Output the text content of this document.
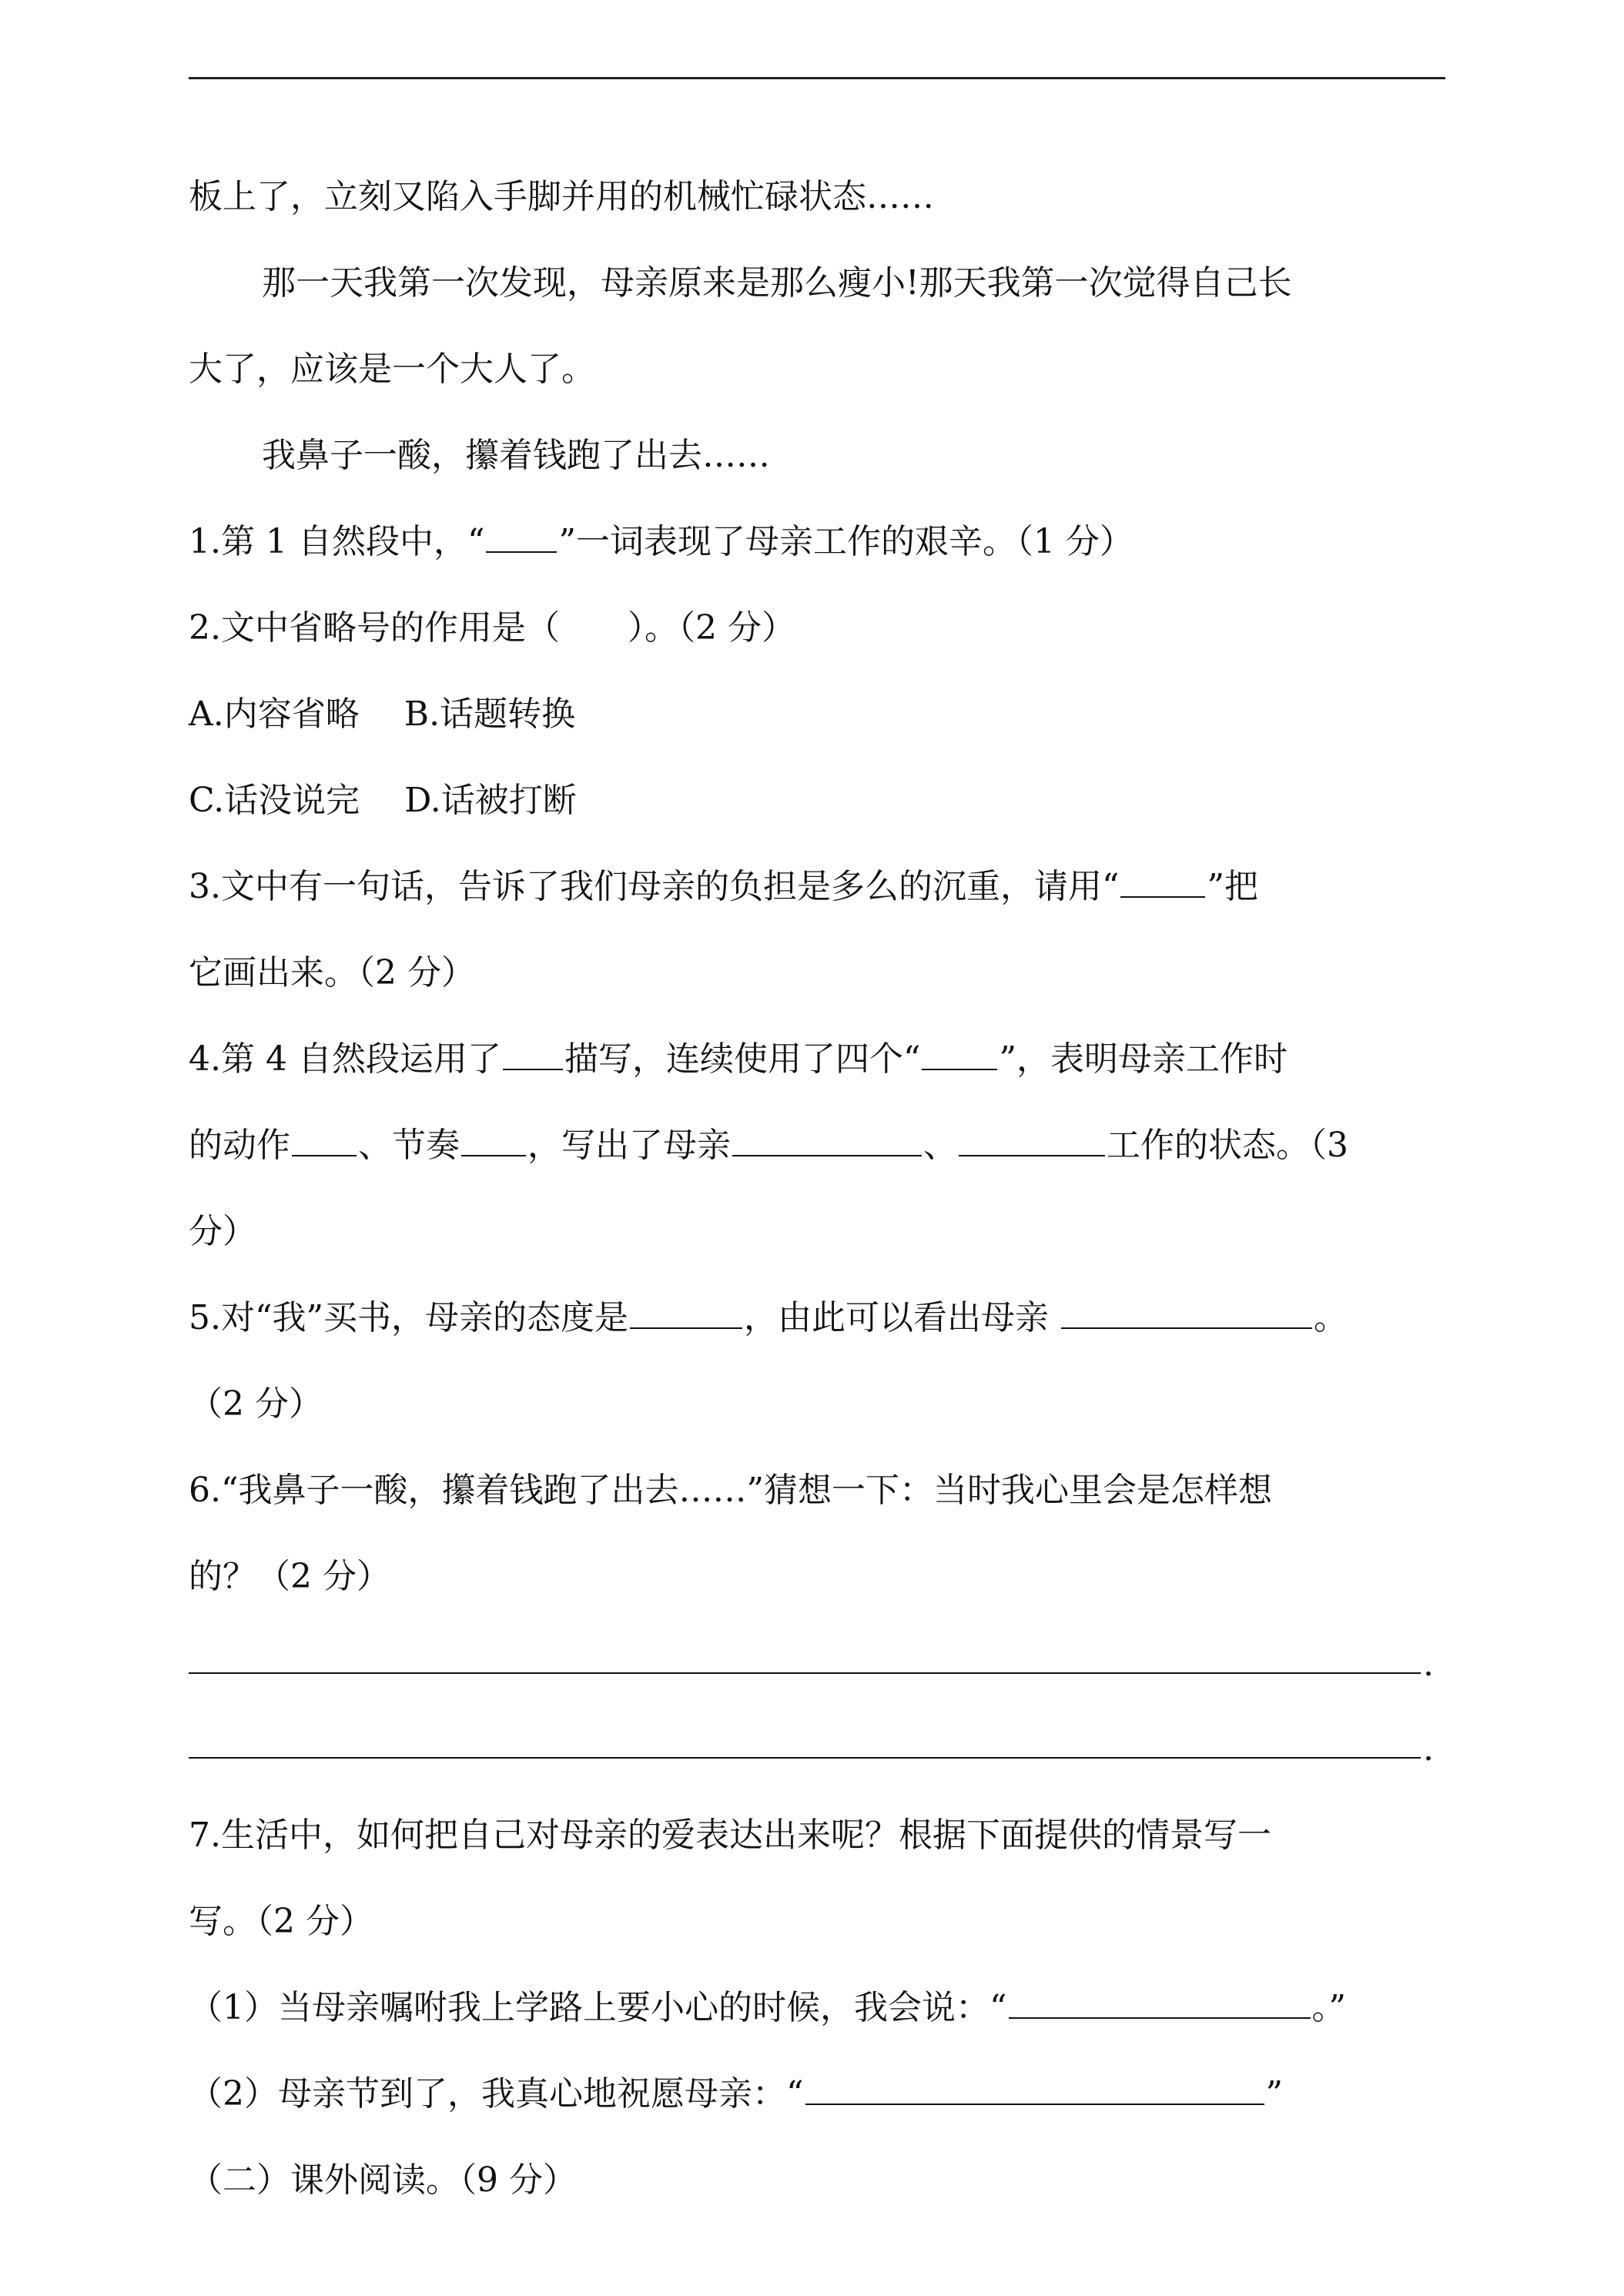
板上了，立刻又陷入手脚并用的机械忙碌状态……
那一天我第一次发现，母亲原来是那么瘦小!那天我第一次觉得自己长
大了，应该是一个大人了。
我鼻子一酸，攥着钱跑了出去……
1.第 1 自然段中，“ ”一词表现了母亲工作的艰辛。（1 分）
2.文中省略号的作用是（　　）。（2 分）
A.内容省略　 B.话题转换
C.话没说完　 D.话被打断
3.文中有一句话，告诉了我们母亲的负担是多么的沉重，请用“	”把
它画出来。（2 分）
4.第 4 自然段运用了 描写，连续使用了四个“ ”，表明母亲工作时
的动作 、节奏 ，写出了母亲	、	工作的状态。（3
分）
5.对“我”买书，母亲的态度是	，由此可以看出母亲	。
（2 分）
6.“我鼻子一酸，攥着钱跑了出去……”猜想一下：当时我心里会是怎样想
的？（2 分）
.
.
7.生活中，如何把自己对母亲的爱表达出来呢？根据下面提供的情景写一
写。（2 分）
（1）当母亲嘱咐我上学路上要小心的时候，我会说：“	。”
（2）母亲节到了，我真心地祝愿母亲：“	”
（二）课外阅读。（9 分）
